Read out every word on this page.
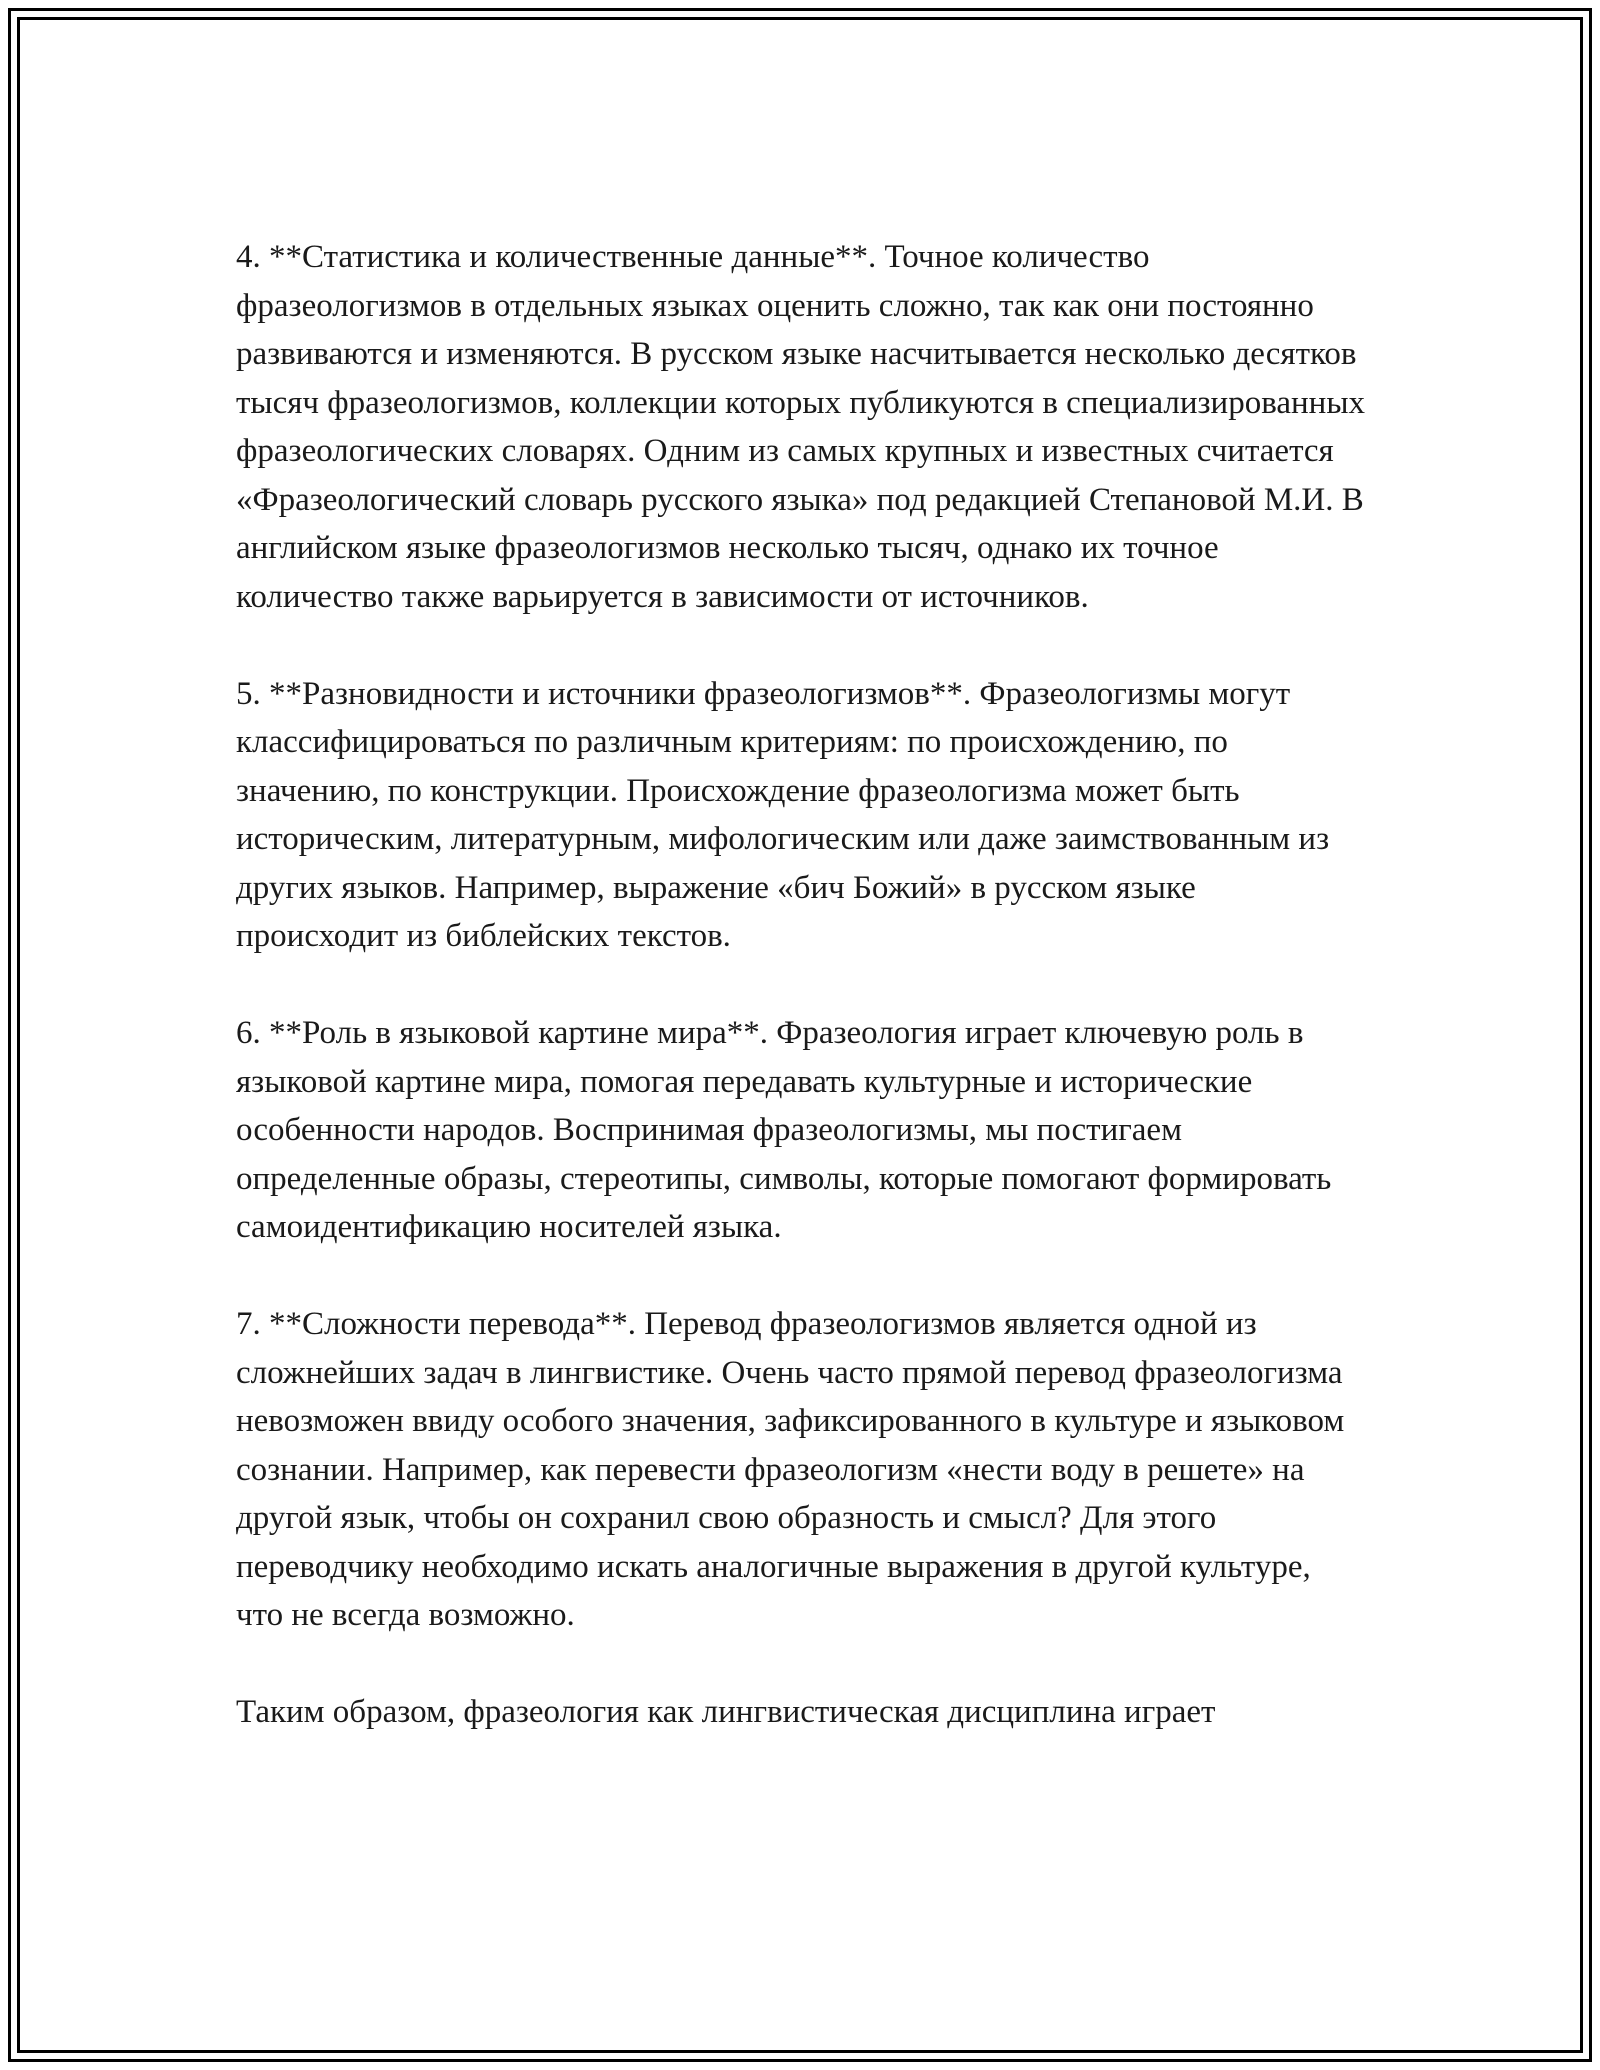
4. **Статистика и количественные данные**. Точное количество фразеологизмов в отдельных языках оценить сложно, так как они постоянно развиваются и изменяются. В русском языке насчитывается несколько десятков тысяч фразеологизмов, коллекции которых публикуются в специализированных фразеологических словарях. Одним из самых крупных и известных считается «Фразеологический словарь русского языка» под редакцией Степановой М.И. В английском языке фразеологизмов несколько тысяч, однако их точное количество также варьируется в зависимости от источников.

5. **Разновидности и источники фразеологизмов**. Фразеологизмы могут классифицироваться по различным критериям: по происхождению, по значению, по конструкции. Происхождение фразеологизма может быть историческим, литературным, мифологическим или даже заимствованным из других языков. Например, выражение «бич Божий» в русском языке происходит из библейских текстов.

6. **Роль в языковой картине мира**. Фразеология играет ключевую роль в языковой картине мира, помогая передавать культурные и исторические особенности народов. Воспринимая фразеологизмы, мы постигаем определенные образы, стереотипы, символы, которые помогают формировать самоидентификацию носителей языка.

7. **Сложности перевода**. Перевод фразеологизмов является одной из сложнейших задач в лингвистике. Очень часто прямой перевод фразеологизма невозможен ввиду особого значения, зафиксированного в культуре и языковом сознании. Например, как перевести фразеологизм «нести воду в решете» на другой язык, чтобы он сохранил свою образность и смысл? Для этого переводчику необходимо искать аналогичные выражения в другой культуре, что не всегда возможно.

Таким образом, фразеология как лингвистическая дисциплина играет
